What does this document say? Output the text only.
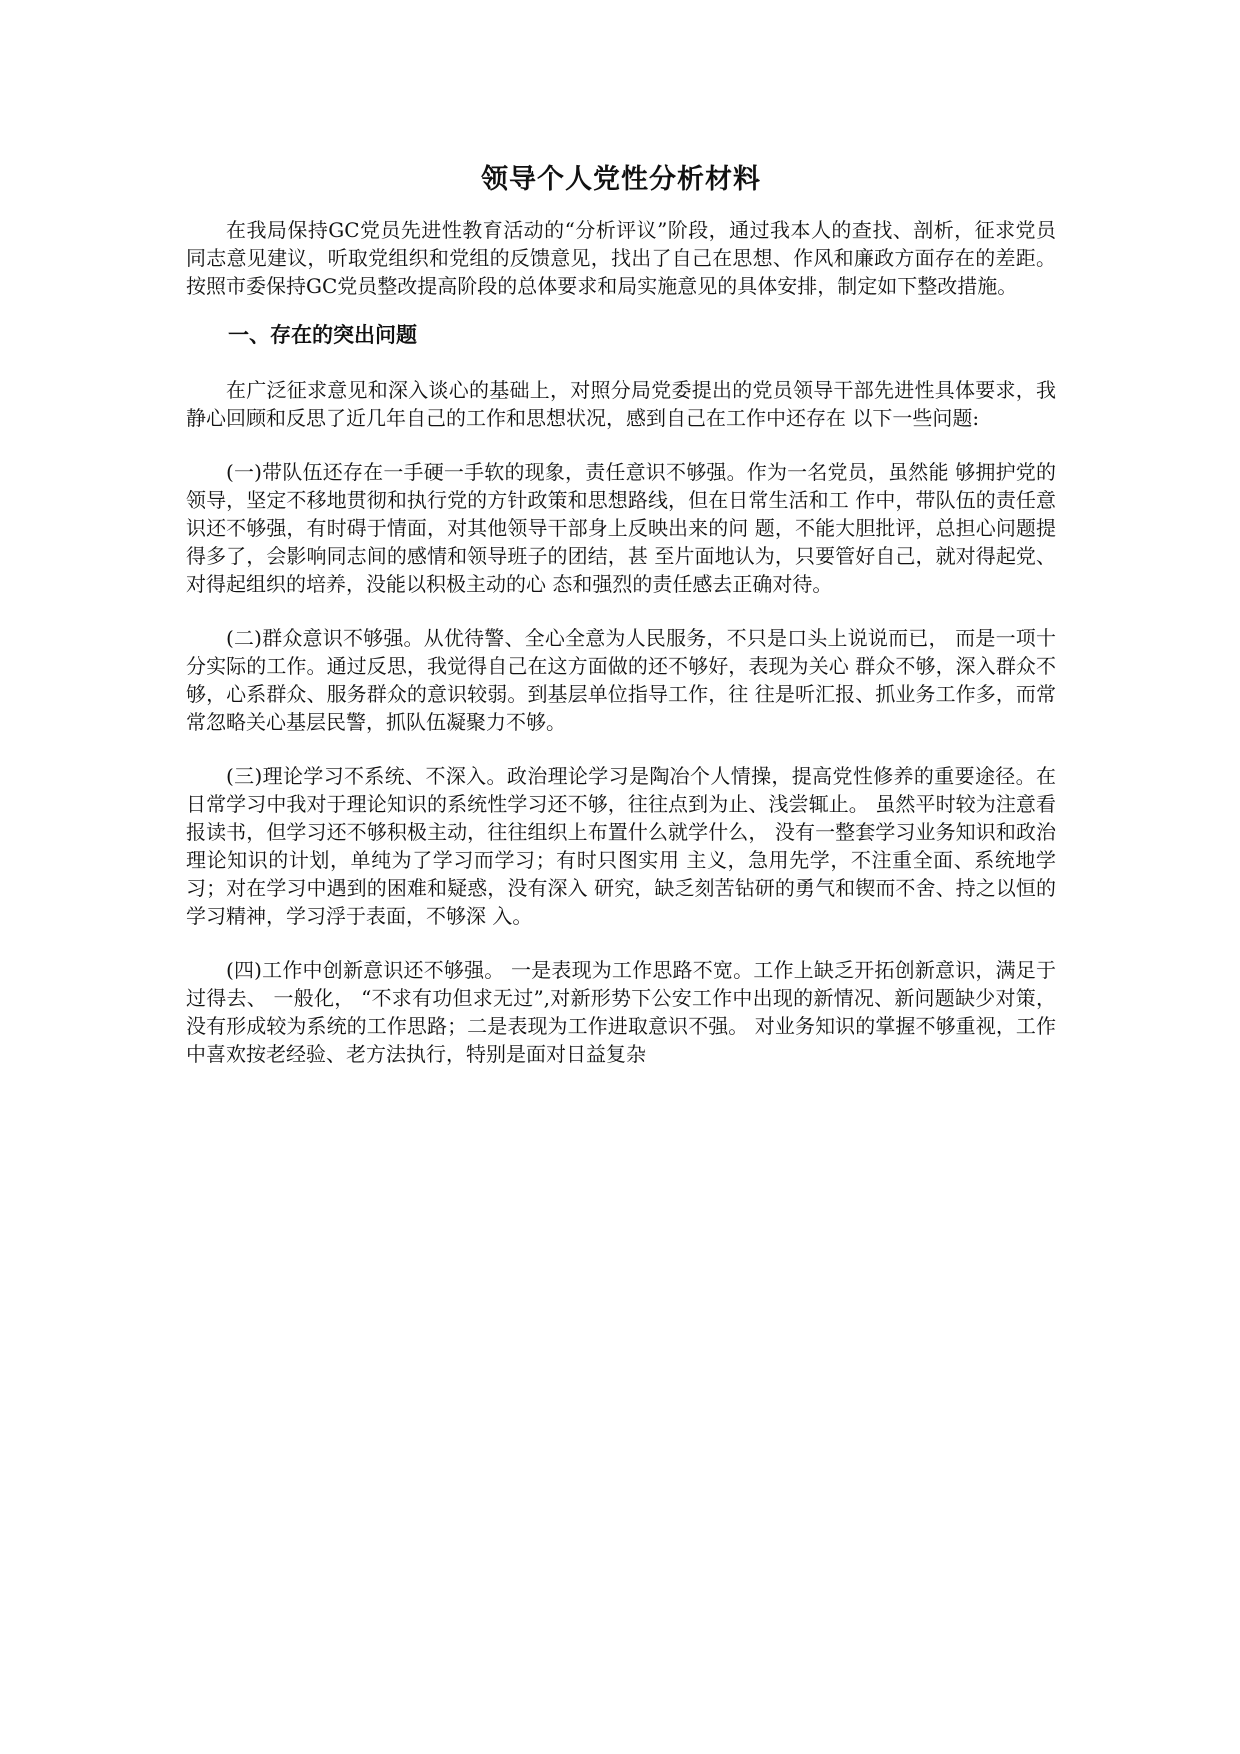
领导个人党性分析材料

在我局保持GC党员先进性教育活动的“分析评议”阶段，通过我本人的查找、剖析，征求党员同志意见建议，听取党组织和党组的反馈意见，找出了自己在思想、作风和廉政方面存在的差距。按照市委保持GC党员整改提高阶段的总体要求和局实施意见的具体安排，制定如下整改措施。

一、存在的突出问题

在广泛征求意见和深入谈心的基础上，对照分局党委提出的党员领导干部先进性具体要求，我静心回顾和反思了近几年自己的工作和思想状况，感到自己在工作中还存在 以下一些问题:

(一)带队伍还存在一手硬一手软的现象，责任意识不够强。作为一名党员，虽然能 够拥护党的领导，坚定不移地贯彻和执行党的方针政策和思想路线，但在日常生活和工 作中，带队伍的责任意识还不够强，有时碍于情面，对其他领导干部身上反映出来的问 题，不能大胆批评，总担心问题提得多了，会影响同志间的感情和领导班子的团结，甚 至片面地认为，只要管好自己，就对得起党、对得起组织的培养，没能以积极主动的心 态和强烈的责任感去正确对待。

(二)群众意识不够强。从优待警、全心全意为人民服务，不只是口头上说说而已， 而是一项十分实际的工作。通过反思，我觉得自己在这方面做的还不够好，表现为关心 群众不够，深入群众不够，心系群众、服务群众的意识较弱。到基层单位指导工作，往 往是听汇报、抓业务工作多，而常常忽略关心基层民警，抓队伍凝聚力不够。

(三)理论学习不系统、不深入。政治理论学习是陶冶个人情操，提高党性修养的重要途径。在日常学习中我对于理论知识的系统性学习还不够，往往点到为止、浅尝辄止。 虽然平时较为注意看报读书，但学习还不够积极主动，往往组织上布置什么就学什么， 没有一整套学习业务知识和政治理论知识的计划，单纯为了学习而学习；有时只图实用 主义，急用先学，不注重全面、系统地学习；对在学习中遇到的困难和疑惑，没有深入 研究，缺乏刻苦钻研的勇气和锲而不舍、持之以恒的学习精神，学习浮于表面，不够深 入。

(四)工作中创新意识还不够强。 一是表现为工作思路不宽。工作上缺乏开拓创新意识，满足于过得去、 一般化， “不求有功但求无过”,对新形势下公安工作中出现的新情况、新问题缺少对策，没有形成较为系统的工作思路；二是表现为工作进取意识不强。 对业务知识的掌握不够重视，工作中喜欢按老经验、老方法执行，特别是面对日益复杂
